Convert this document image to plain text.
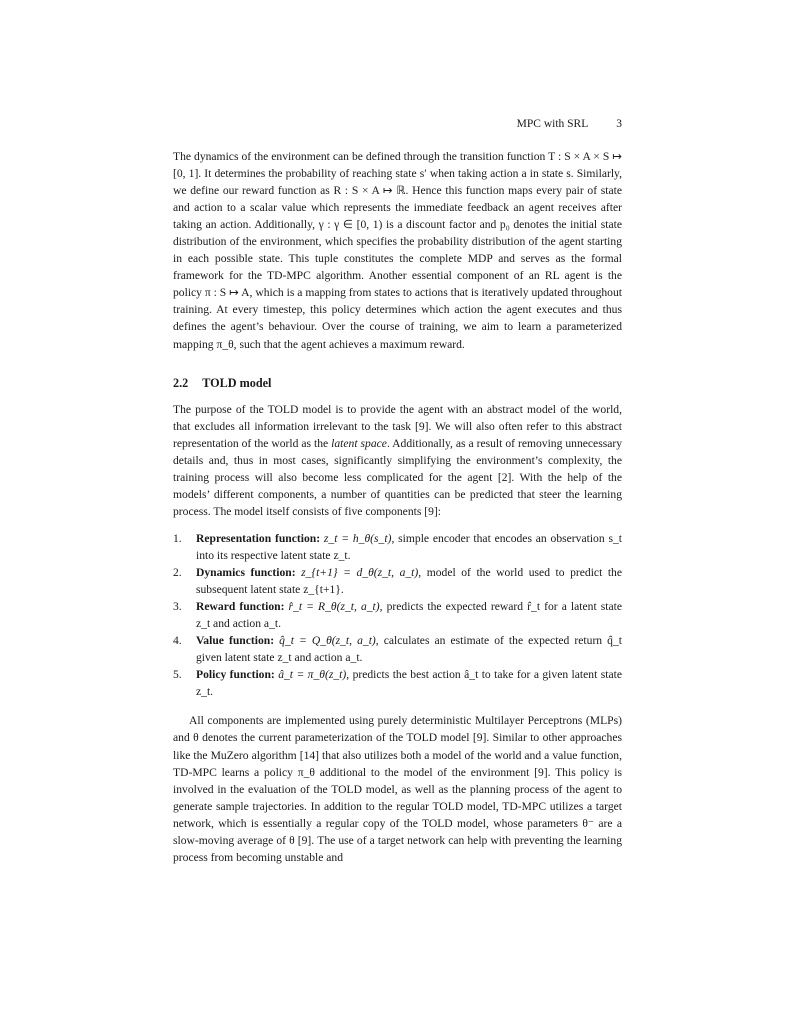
MPC with SRL 3

The dynamics of the environment can be defined through the transition function T : S × A × S ↦ [0, 1]. It determines the probability of reaching state s′ when taking action a in state s. Similarly, we define our reward function as R : S × A ↦ ℝ. Hence this function maps every pair of state and action to a scalar value which represents the immediate feedback an agent receives after taking an action. Additionally, γ : γ ∈ [0, 1) is a discount factor and p₀ denotes the initial state distribution of the environment, which specifies the probability distribution of the agent starting in each possible state. This tuple constitutes the complete MDP and serves as the formal framework for the TD-MPC algorithm. Another essential component of an RL agent is the policy π : S ↦ A, which is a mapping from states to actions that is iteratively updated throughout training. At every timestep, this policy determines which action the agent executes and thus defines the agent’s behaviour. Over the course of training, we aim to learn a parameterized mapping π_θ, such that the agent achieves a maximum reward.

2.2 TOLD model

The purpose of the TOLD model is to provide the agent with an abstract model of the world, that excludes all information irrelevant to the task [9]. We will also often refer to this abstract representation of the world as the latent space. Additionally, as a result of removing unnecessary details and, thus in most cases, significantly simplifying the environment’s complexity, the training process will also become less complicated for the agent [2]. With the help of the models’ different components, a number of quantities can be predicted that steer the learning process. The model itself consists of five components [9]:

1.	Representation function: z_t = h_θ(s_t), simple encoder that encodes an observation s_t into its respective latent state z_t.
2.	Dynamics function: z_{t+1} = d_θ(z_t, a_t), model of the world used to predict the subsequent latent state z_{t+1}.
3.	Reward function: r̂_t = R_θ(z_t, a_t), predicts the expected reward r̂_t for a latent state z_t and action a_t.
4.	Value function: q̂_t = Q_θ(z_t, a_t), calculates an estimate of the expected return q̂_t given latent state z_t and action a_t.
5.	Policy function: â_t = π_θ(z_t), predicts the best action â_t to take for a given latent state z_t.

All components are implemented using purely deterministic Multilayer Perceptrons (MLPs) and θ denotes the current parameterization of the TOLD model [9]. Similar to other approaches like the MuZero algorithm [14] that also utilizes both a model of the world and a value function, TD-MPC learns a policy π_θ additional to the model of the environment [9]. This policy is involved in the evaluation of the TOLD model, as well as the planning process of the agent to generate sample trajectories. In addition to the regular TOLD model, TD-MPC utilizes a target network, which is essentially a regular copy of the TOLD model, whose parameters θ⁻ are a slow-moving average of θ [9]. The use of a target network can help with preventing the learning process from becoming unstable and
